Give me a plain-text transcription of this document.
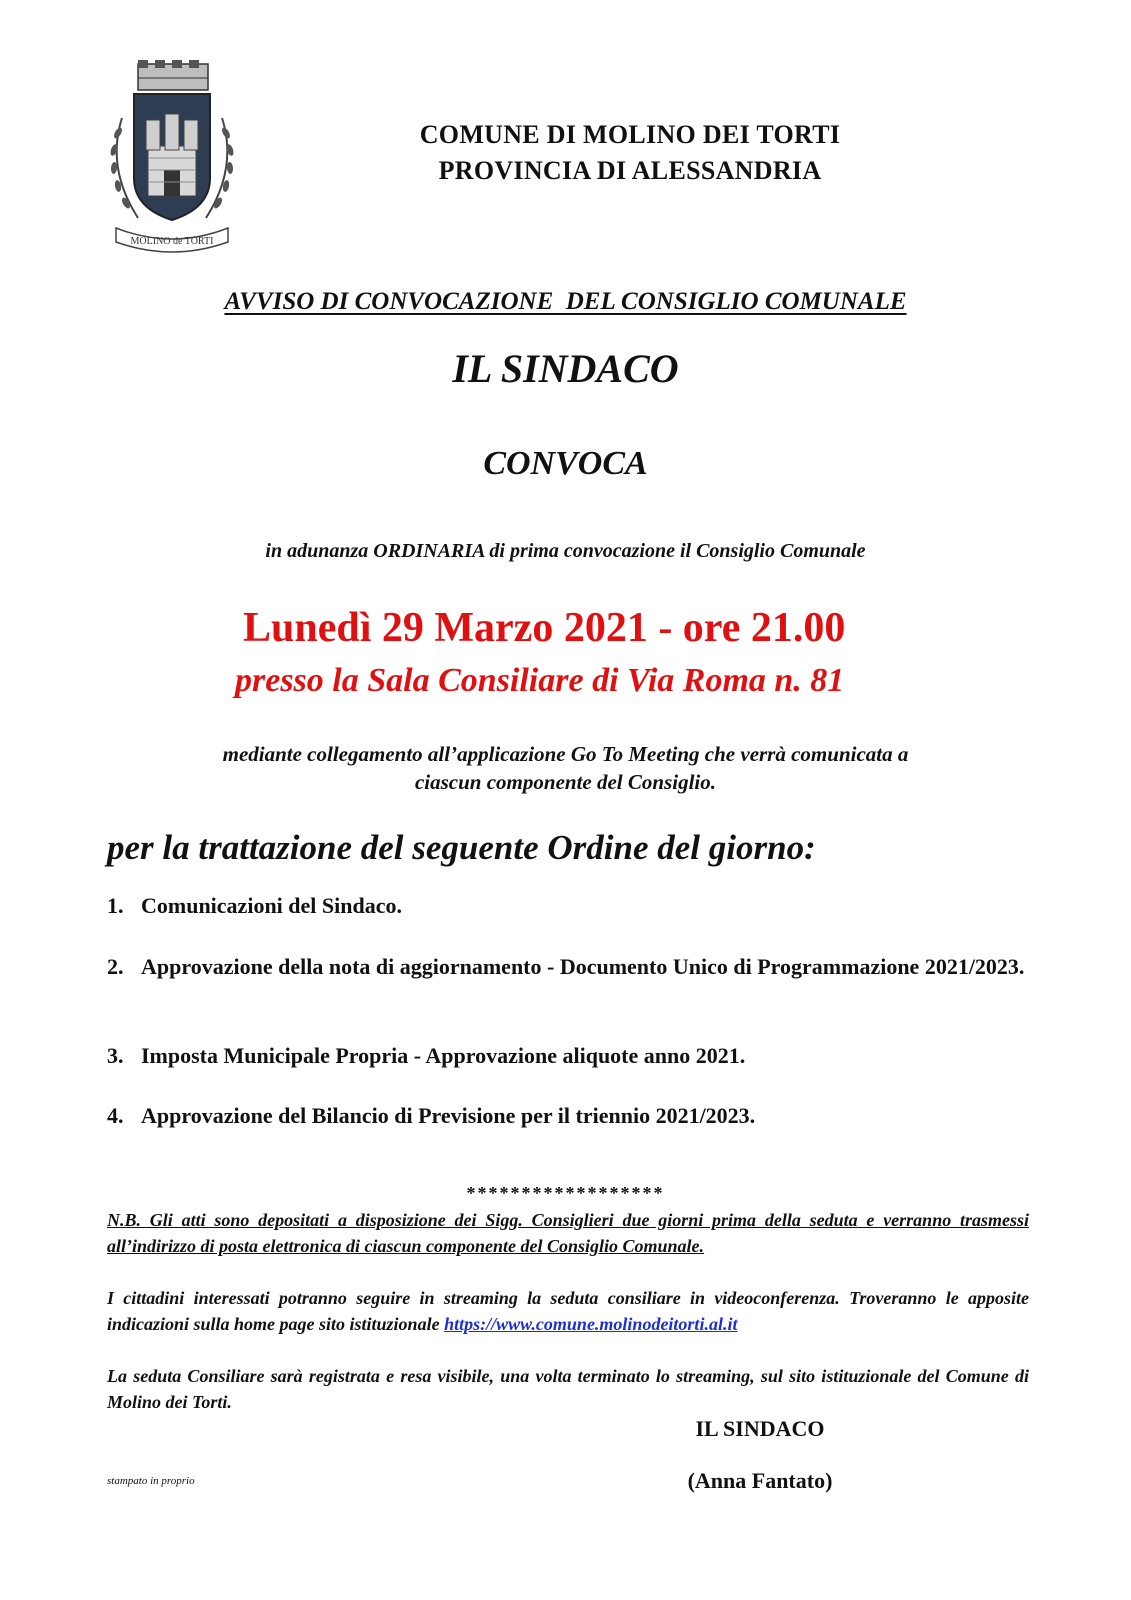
MOLINO de TORTI
COMUNE DI MOLINO DEI TORTI
PROVINCIA DI ALESSANDRIA
AVVISO DI CONVOCAZIONE  DEL CONSIGLIO COMUNALE
IL SINDACO
CONVOCA
in adunanza ORDINARIA di prima convocazione il Consiglio Comunale
Lunedì 29 Marzo 2021 - ore 21.00
presso la Sala Consiliare di Via Roma n. 81
mediante collegamento all’applicazione Go To Meeting che verrà comunicata a
ciascun componente del Consiglio.
per la trattazione del seguente Ordine del giorno:
1. Comunicazioni del Sindaco.
2. Approvazione della nota di aggiornamento - Documento Unico di Programmazione 2021/2023.
3. Imposta Municipale Propria - Approvazione aliquote anno 2021.
4. Approvazione del Bilancio di Previsione per il triennio 2021/2023.
******************
N.B. Gli atti sono depositati a disposizione dei Sigg. Consiglieri due giorni prima della seduta e verranno trasmessi all’indirizzo di posta elettronica di ciascun componente del Consiglio Comunale.
I cittadini interessati potranno seguire in streaming la seduta consiliare in videoconferenza. Troveranno le apposite indicazioni sulla home page sito istituzionale https://www.comune.molinodeitorti.al.it
La seduta Consiliare sarà registrata e resa visibile, una volta terminato lo streaming, sul sito istituzionale del Comune di Molino dei Torti.
IL SINDACO
(Anna Fantato)
stampato in proprio
